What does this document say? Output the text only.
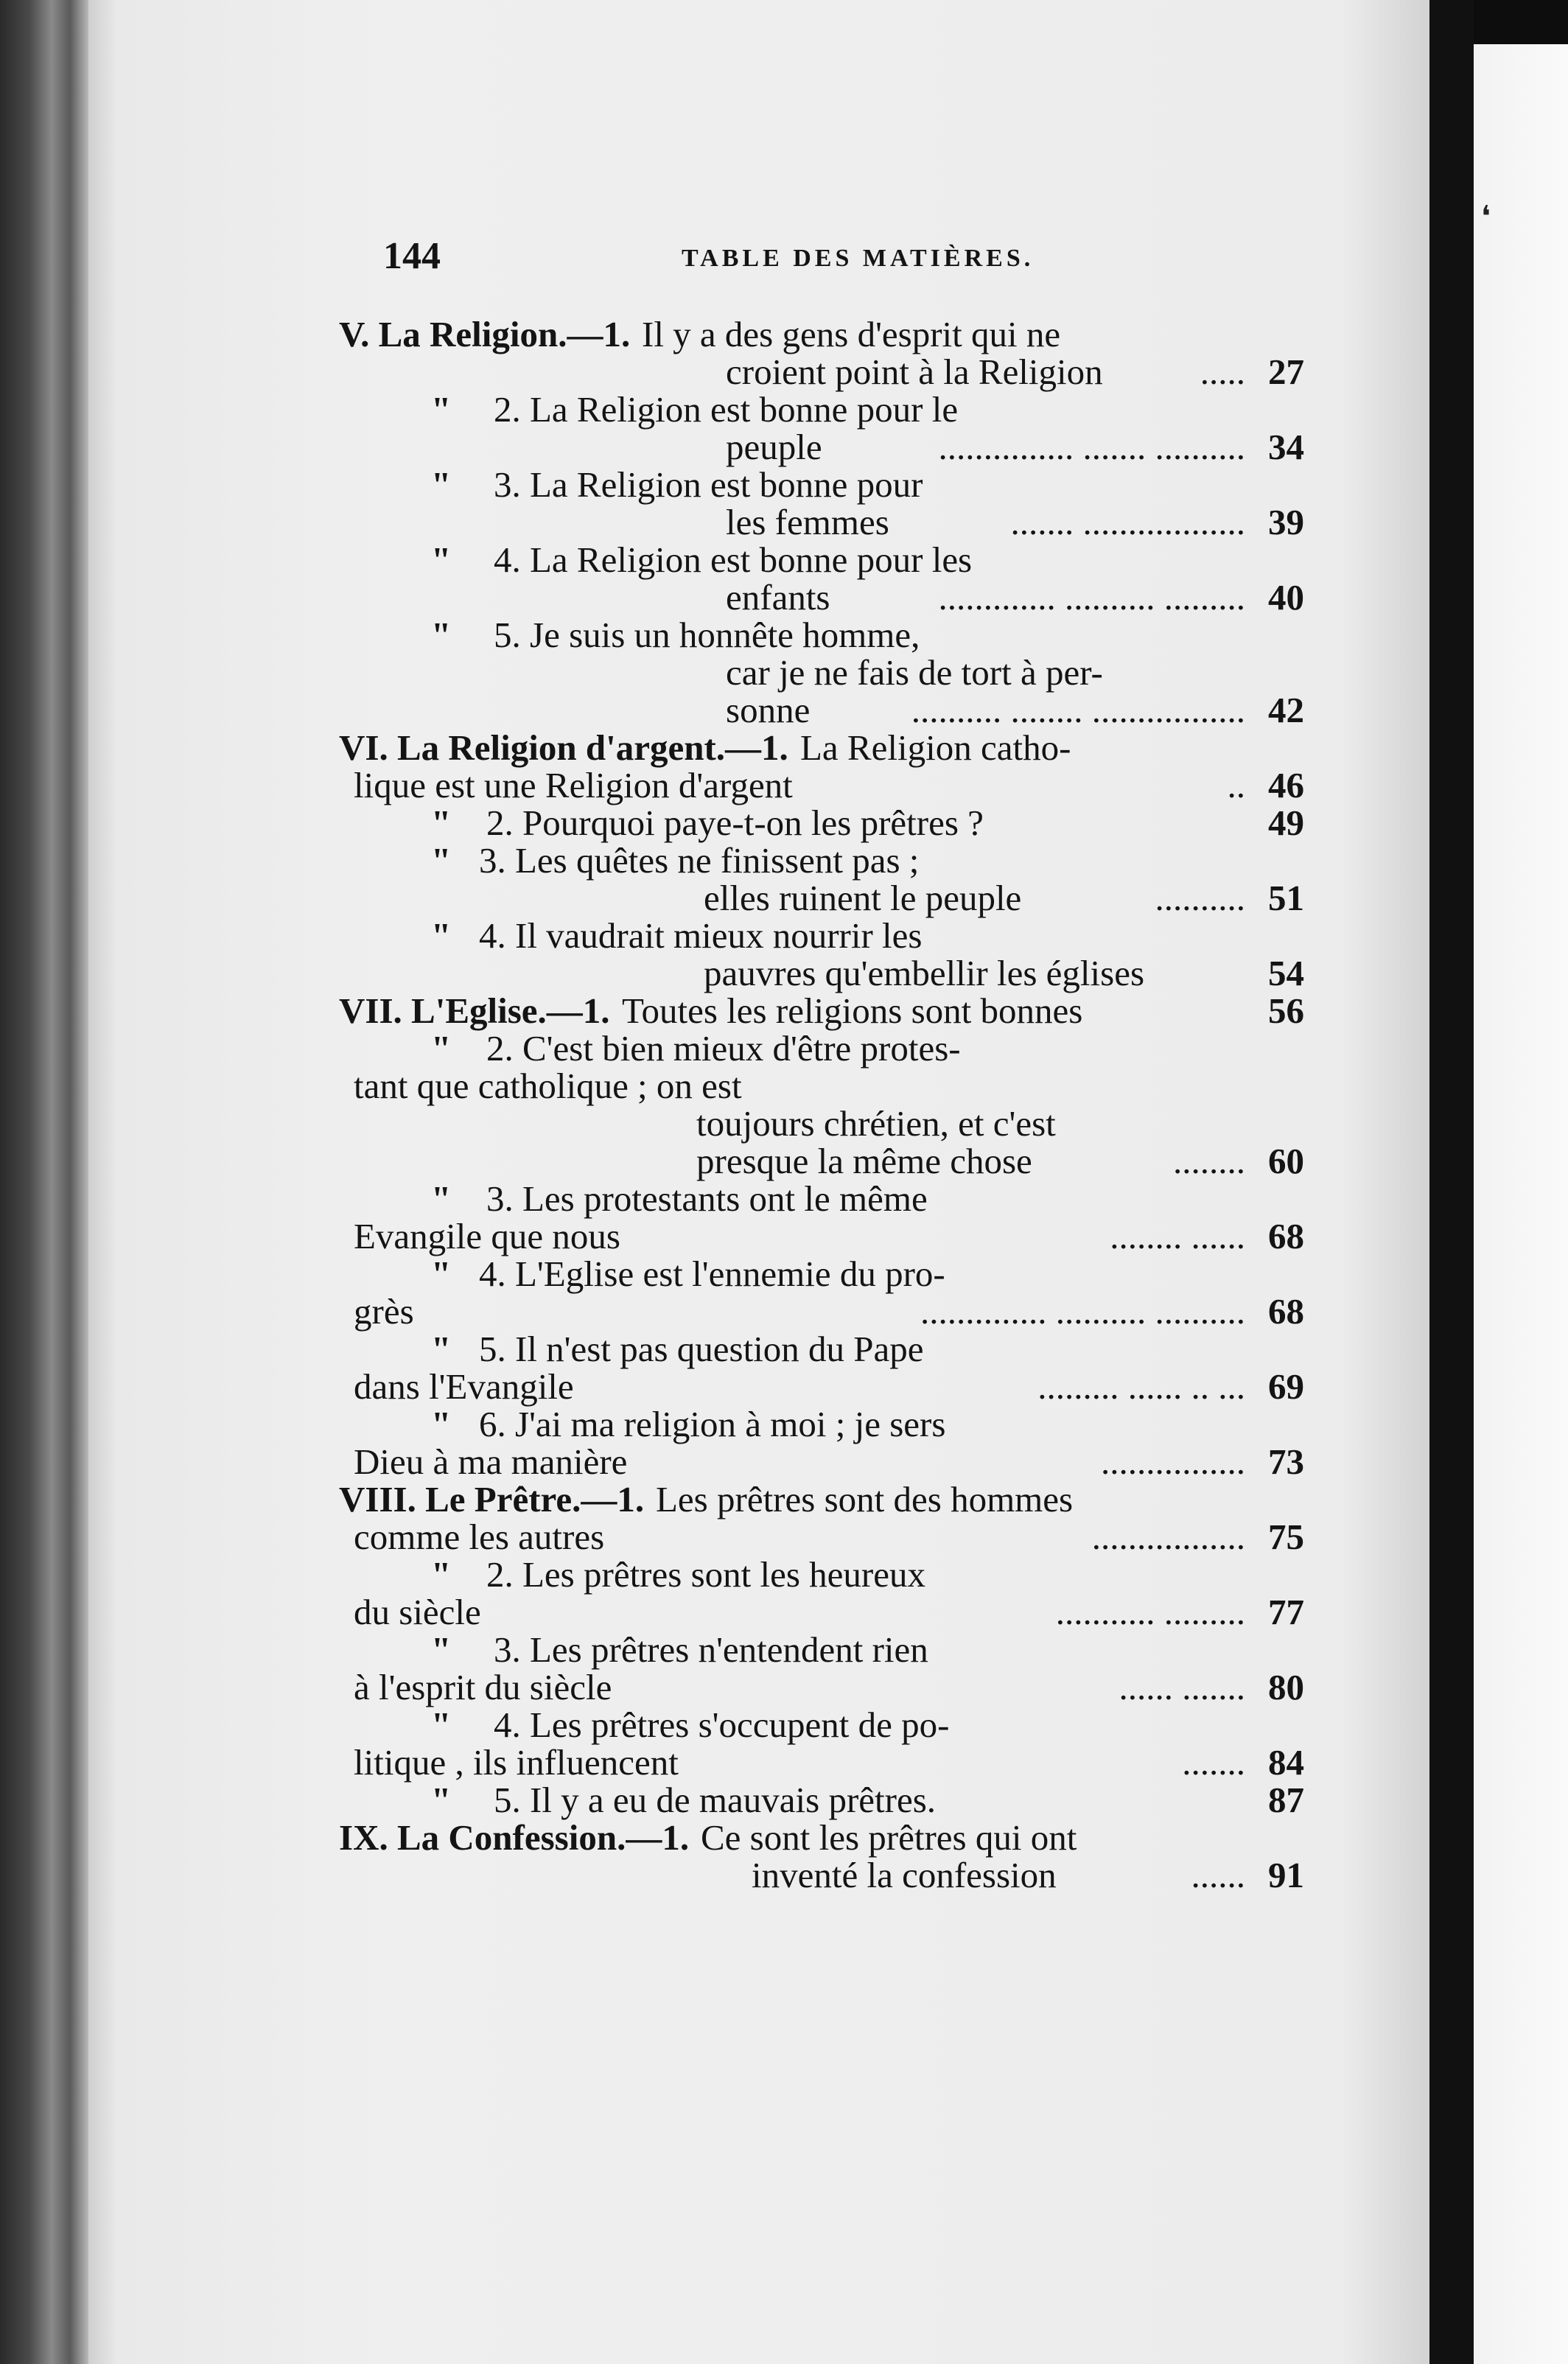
❛
144	TABLE DES MATIÈRES.
V. La Religion.—1. Il y a des gens d'esprit qui ne
croient point à la Religion	..... 27
" 2. La Religion est bonne pour le
peuple	.......... ....... ............... 34
" 3. La Religion est bonne pour
les femmes	.................. ....... 39
" 4. La Religion est bonne pour les
enfants	......... .......... ............. 40
" 5. Je suis un honnête homme,
car je ne fais de tort à per-
sonne	................. ........ .......... 42
VI. La Religion d'argent.—1. La Religion catho-
lique est une Religion d'argent	.. 46
" 2. Pourquoi paye-t-on les prêtres ?	49
" 3. Les quêtes ne finissent pas ;
elles ruinent le peuple	.......... 51
" 4. Il vaudrait mieux nourrir les
pauvres qu'embellir les églises	54
VII. L'Eglise.—1. Toutes les religions sont bonnes	56
" 2. C'est bien mieux d'être protes-
tant que catholique ; on est
toujours chrétien, et c'est
presque la même chose	........ 60
" 3. Les protestants ont le même
Evangile que nous	...... ........ 68
" 4. L'Eglise est l'ennemie du pro-
grès	.......... .......... .............. 68
" 5. Il n'est pas question du Pape
dans l'Evangile	... .. ...... ......... 69
" 6. J'ai ma religion à moi ; je sers
Dieu à ma manière	................ 73
VIII. Le Prêtre.—1. Les prêtres sont des hommes
comme les autres	................. 75
" 2. Les prêtres sont les heureux
du siècle	......... ........... 77
" 3. Les prêtres n'entendent rien
à l'esprit du siècle	....... ...... 80
" 4. Les prêtres s'occupent de po-
litique , ils influencent	....... 84
" 5. Il y a eu de mauvais prêtres.	87
IX. La Confession.—1. Ce sont les prêtres qui ont
inventé la confession	...... 91
